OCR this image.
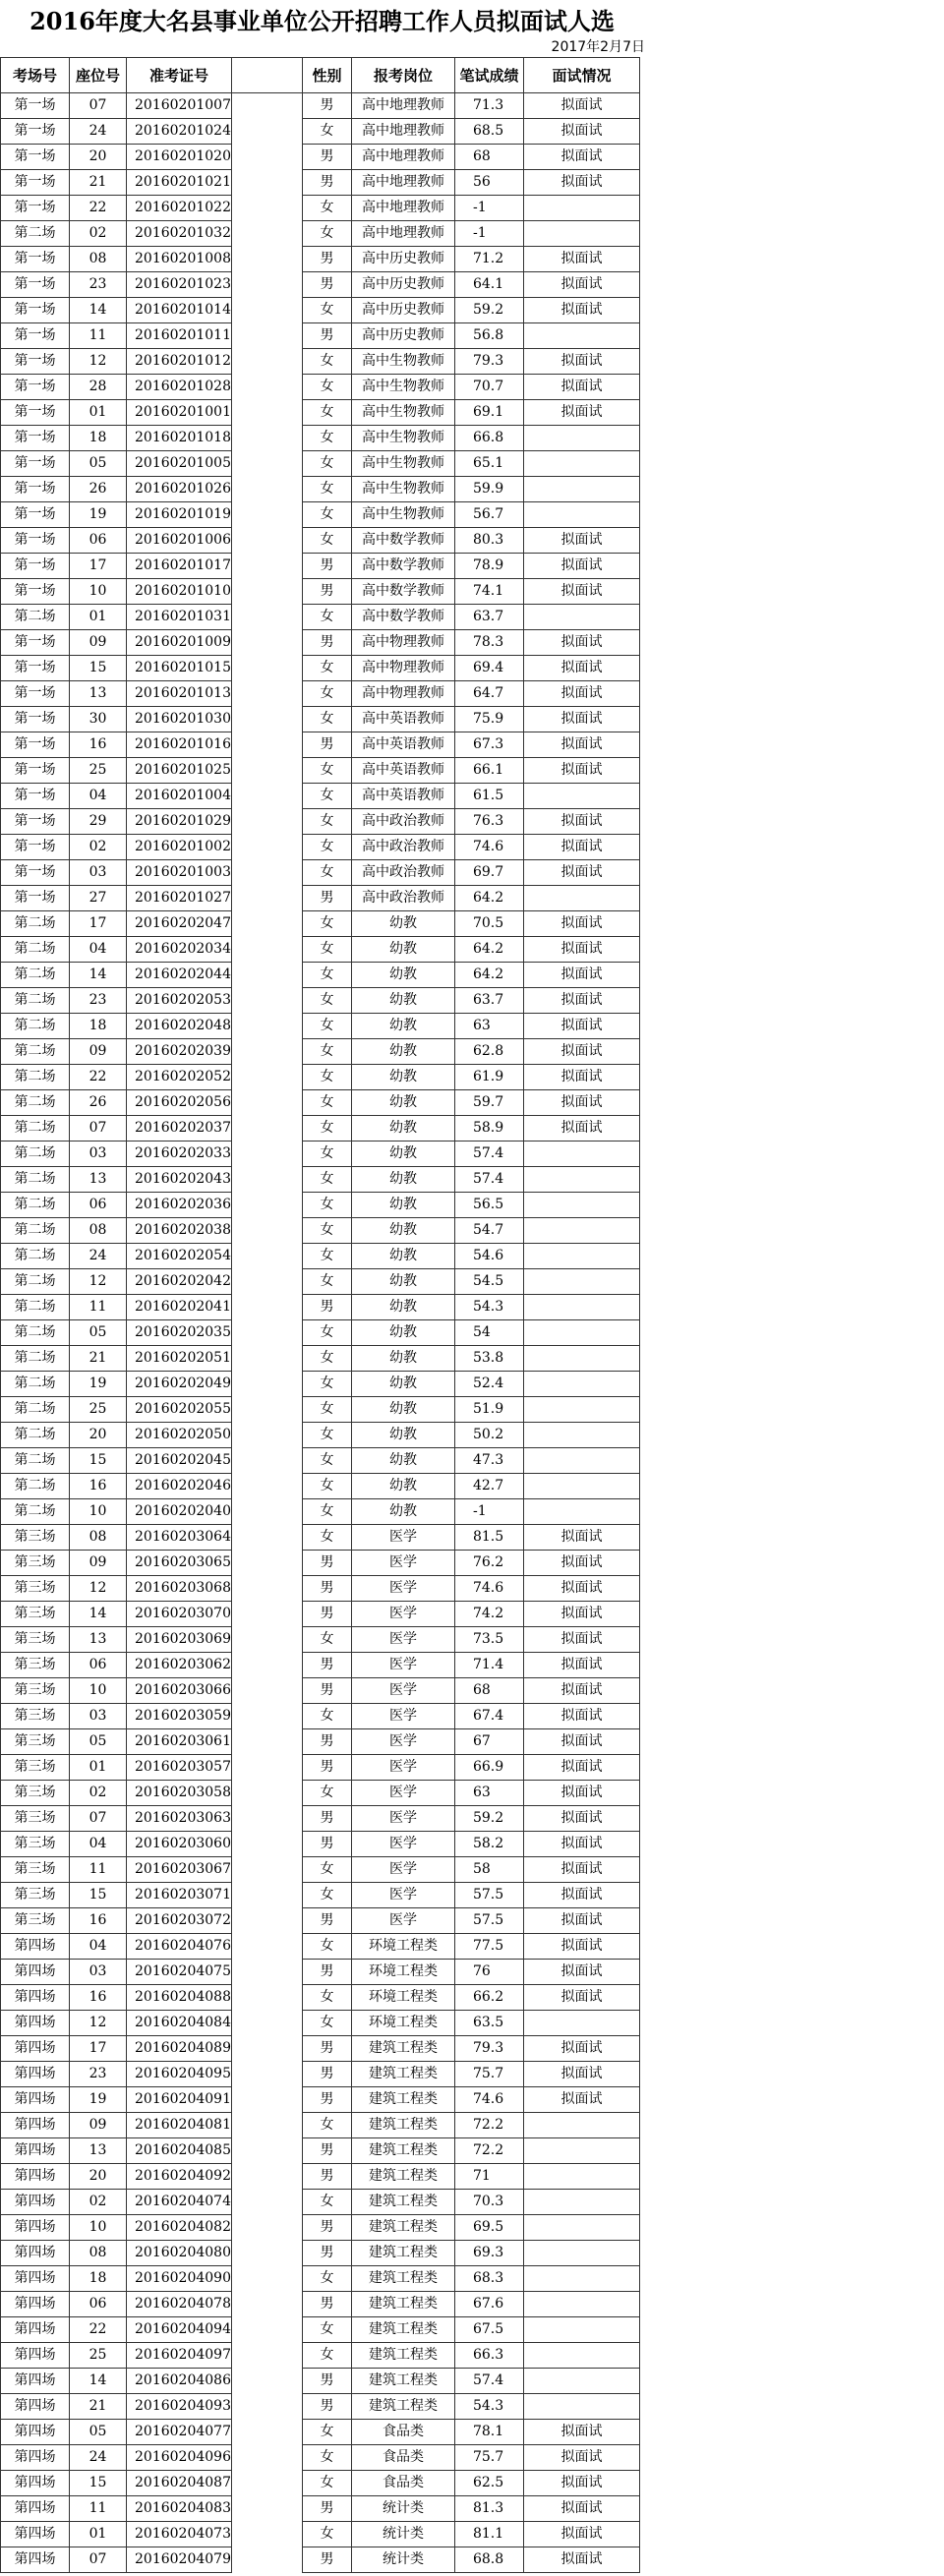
2016年度大名县事业单位公开招聘工作人员拟面试人选
2017年2月7日
考场号	座位号	准考证号		性别	报考岗位	笔试成绩	面试情况
第一场	07	20160201007		男	高中地理教师	71.3	拟面试
第一场	24	20160201024		女	高中地理教师	68.5	拟面试
第一场	20	20160201020		男	高中地理教师	68	拟面试
第一场	21	20160201021		男	高中地理教师	56	拟面试
第一场	22	20160201022		女	高中地理教师	-1	
第二场	02	20160201032		女	高中地理教师	-1	
第一场	08	20160201008		男	高中历史教师	71.2	拟面试
第一场	23	20160201023		男	高中历史教师	64.1	拟面试
第一场	14	20160201014		女	高中历史教师	59.2	拟面试
第一场	11	20160201011		男	高中历史教师	56.8	
第一场	12	20160201012		女	高中生物教师	79.3	拟面试
第一场	28	20160201028		女	高中生物教师	70.7	拟面试
第一场	01	20160201001		女	高中生物教师	69.1	拟面试
第一场	18	20160201018		女	高中生物教师	66.8	
第一场	05	20160201005		女	高中生物教师	65.1	
第一场	26	20160201026		女	高中生物教师	59.9	
第一场	19	20160201019		女	高中生物教师	56.7	
第一场	06	20160201006		女	高中数学教师	80.3	拟面试
第一场	17	20160201017		男	高中数学教师	78.9	拟面试
第一场	10	20160201010		男	高中数学教师	74.1	拟面试
第二场	01	20160201031		女	高中数学教师	63.7	
第一场	09	20160201009		男	高中物理教师	78.3	拟面试
第一场	15	20160201015		女	高中物理教师	69.4	拟面试
第一场	13	20160201013		女	高中物理教师	64.7	拟面试
第一场	30	20160201030		女	高中英语教师	75.9	拟面试
第一场	16	20160201016		男	高中英语教师	67.3	拟面试
第一场	25	20160201025		女	高中英语教师	66.1	拟面试
第一场	04	20160201004		女	高中英语教师	61.5	
第一场	29	20160201029		女	高中政治教师	76.3	拟面试
第一场	02	20160201002		女	高中政治教师	74.6	拟面试
第一场	03	20160201003		女	高中政治教师	69.7	拟面试
第一场	27	20160201027		男	高中政治教师	64.2	
第二场	17	20160202047		女	幼教	70.5	拟面试
第二场	04	20160202034		女	幼教	64.2	拟面试
第二场	14	20160202044		女	幼教	64.2	拟面试
第二场	23	20160202053		女	幼教	63.7	拟面试
第二场	18	20160202048		女	幼教	63	拟面试
第二场	09	20160202039		女	幼教	62.8	拟面试
第二场	22	20160202052		女	幼教	61.9	拟面试
第二场	26	20160202056		女	幼教	59.7	拟面试
第二场	07	20160202037		女	幼教	58.9	拟面试
第二场	03	20160202033		女	幼教	57.4	
第二场	13	20160202043		女	幼教	57.4	
第二场	06	20160202036		女	幼教	56.5	
第二场	08	20160202038		女	幼教	54.7	
第二场	24	20160202054		女	幼教	54.6	
第二场	12	20160202042		女	幼教	54.5	
第二场	11	20160202041		男	幼教	54.3	
第二场	05	20160202035		女	幼教	54	
第二场	21	20160202051		女	幼教	53.8	
第二场	19	20160202049		女	幼教	52.4	
第二场	25	20160202055		女	幼教	51.9	
第二场	20	20160202050		女	幼教	50.2	
第二场	15	20160202045		女	幼教	47.3	
第二场	16	20160202046		女	幼教	42.7	
第二场	10	20160202040		女	幼教	-1	
第三场	08	20160203064		女	医学	81.5	拟面试
第三场	09	20160203065		男	医学	76.2	拟面试
第三场	12	20160203068		男	医学	74.6	拟面试
第三场	14	20160203070		男	医学	74.2	拟面试
第三场	13	20160203069		女	医学	73.5	拟面试
第三场	06	20160203062		男	医学	71.4	拟面试
第三场	10	20160203066		男	医学	68	拟面试
第三场	03	20160203059		女	医学	67.4	拟面试
第三场	05	20160203061		男	医学	67	拟面试
第三场	01	20160203057		男	医学	66.9	拟面试
第三场	02	20160203058		女	医学	63	拟面试
第三场	07	20160203063		男	医学	59.2	拟面试
第三场	04	20160203060		男	医学	58.2	拟面试
第三场	11	20160203067		女	医学	58	拟面试
第三场	15	20160203071		女	医学	57.5	拟面试
第三场	16	20160203072		男	医学	57.5	拟面试
第四场	04	20160204076		女	环境工程类	77.5	拟面试
第四场	03	20160204075		男	环境工程类	76	拟面试
第四场	16	20160204088		女	环境工程类	66.2	拟面试
第四场	12	20160204084		女	环境工程类	63.5	
第四场	17	20160204089		男	建筑工程类	79.3	拟面试
第四场	23	20160204095		男	建筑工程类	75.7	拟面试
第四场	19	20160204091		男	建筑工程类	74.6	拟面试
第四场	09	20160204081		女	建筑工程类	72.2	
第四场	13	20160204085		男	建筑工程类	72.2	
第四场	20	20160204092		男	建筑工程类	71	
第四场	02	20160204074		女	建筑工程类	70.3	
第四场	10	20160204082		男	建筑工程类	69.5	
第四场	08	20160204080		男	建筑工程类	69.3	
第四场	18	20160204090		女	建筑工程类	68.3	
第四场	06	20160204078		男	建筑工程类	67.6	
第四场	22	20160204094		女	建筑工程类	67.5	
第四场	25	20160204097		女	建筑工程类	66.3	
第四场	14	20160204086		男	建筑工程类	57.4	
第四场	21	20160204093		男	建筑工程类	54.3	
第四场	05	20160204077		女	食品类	78.1	拟面试
第四场	24	20160204096		女	食品类	75.7	拟面试
第四场	15	20160204087		女	食品类	62.5	拟面试
第四场	11	20160204083		男	统计类	81.3	拟面试
第四场	01	20160204073		女	统计类	81.1	拟面试
第四场	07	20160204079		男	统计类	68.8	拟面试
